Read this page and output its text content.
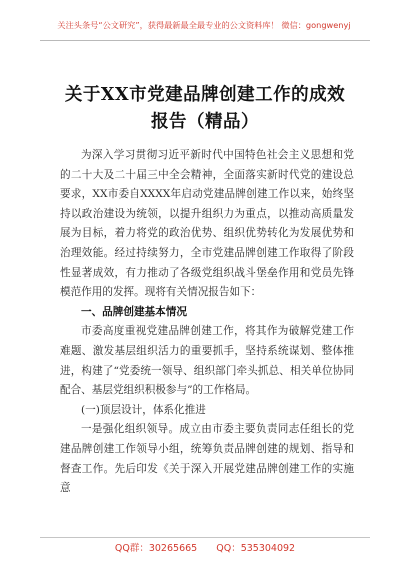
关注头条号“公文研究”，获得最新最全最专业的公文资料库！ 微信：gongwenyj
关于XX市党建品牌创建工作的成效
报告（精品）

为深入学习贯彻习近平新时代中国特色社会主义思想和党的二十大及二十届三中全会精神，全面落实新时代党的建设总要求，XX市委自XXXX年启动党建品牌创建工作以来，始终坚持以政治建设为统领，以提升组织力为重点，以推动高质量发展为目标，着力将党的政治优势、组织优势转化为发展优势和治理效能。经过持续努力，全市党建品牌创建工作取得了阶段性显著成效，有力推动了各级党组织战斗堡垒作用和党员先锋模范作用的发挥。现将有关情况报告如下：

一、品牌创建基本情况

市委高度重视党建品牌创建工作，将其作为破解党建工作难题、激发基层组织活力的重要抓手，坚持系统谋划、整体推进，构建了“党委统一领导、组织部门牵头抓总、相关单位协同配合、基层党组织积极参与”的工作格局。

(一)顶层设计，体系化推进

一是强化组织领导。成立由市委主要负责同志任组长的党建品牌创建工作领导小组，统筹负责品牌创建的规划、指导和督查工作。先后印发《关于深入开展党建品牌创建工作的实施意

QQ群：30265665 QQ：535304092
